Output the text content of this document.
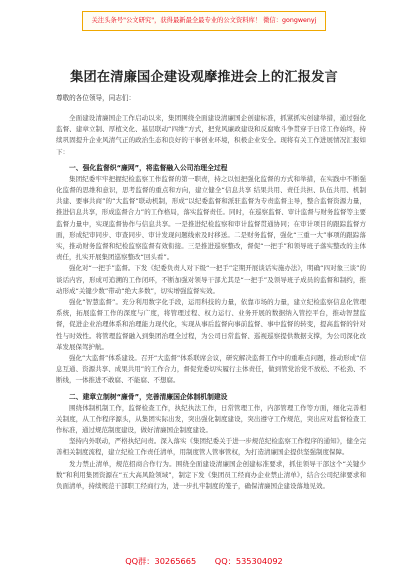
关注头条号"公文研究"，获得最新最全最专业的公文资料库！ 微信：gongwenyj
集团在清廉国企建设观摩推进会上的汇报发言
尊敬的各位领导，同志们：

全面建设清廉国企工作启动以来，集团围绕全面建设清廉国企创建标准，抓紧抓实创建举措，通过强化监督、建章立制、厚植文化、基层联动“四维”方式，把党风廉政建设和反腐败斗争贯穿于日常工作始终，持续巩固提升企业风清气正的政治生态和良好的干事创业环境，积极企业安全。现将有关工作进展情况汇报如下：

一、强化监督织“廉网”，将监督融入公司治理全过程

集团纪委牢牢把握纪检监察工作监督的第一职责，持之以恒把强化监督的方式和举措，在实践中不断强化监督的思维和意识，思考监督的重点和方向，建立健全“信息共享 结果共用、责任共担、队伍共用、机制共建、要事共商”的“大监督”联动机制，形成“以纪委监督和派驻监督为专责监督主导，整合监督资源力量，推进信息共享，形成监督合力”的工作格局，落实监督责任。同时，在巡察监督、审计监督与财务监督等主要监督力量中，实现监督协作与信息共享。一是推进纪检监察和审计监督贯通协同；在审计项目的跟踪监督方面，形成纪审同步、审查同步、审计发现问题线索及时移送。二是财务监督，强化“三重一大”事项的跟踪落实，推动财务监督和纪检监察监督有效衔接。三是推进巡察整改，督促“一把手”和领导班子落实整改的主体责任，扎实开展集团巡察整改“回头看”。

强化对“一把手”监督。下发《纪委负责人对下级“一把手”定期开展谈话实施办法》，明确“四对象三谈”的谈话内容，形成可追溯的工作闭环，不断加强对领导干部尤其是“一把手”及领导班子成员的监督和制约，推动形成“关键少数”带动“绝大多数”，切实增强监督实效。

强化“智慧监督”。充分利用数字化手段，运用科技的力量，依靠市场的力量，建立纪检监察信息化管理系统，拓展监督工作的深度与广度，将管理过程、权力运行、业务开展的数据纳入管控平台，推动智慧监督，促进企业治理体系和治理能力现代化，实现从事后监督向事前监督、事中监督的转变，提高监督的针对性与时效性。将管理监督融入到集团治理全过程，为公司日常监督、巡视巡察提供数据支撑，为公司深化改革发展保驾护航。

强化“大监督”体系建设。召开“大监督”体系联席会议，研究解决监督工作中的重难点问题，推动形成“信息互通、资源共享、成果共用”的工作合力，督促党委切实履行主体责任，做到管党治党不放松、不松劲、不断线，一体推进不敢腐、不能腐、不想腐。

二、建章立制树“廉骨”，完善清廉国企体制机制建设

围绕体制机制工作，监督检查工作，执纪执法工作，日常管理工作，内部管理工作等方面，细化完善相关制度，从工作程序源头，从集团实际出发，突出强化制度建设，突出遵守工作规范，突出应对监督检查工作标准，通过规范制度建设，做好清廉国企制度建设。

坚持内外联动，严格执纪问责。深入落实《集团纪委关于进一步规范纪检监察工作程序的通知》，健全完善相关制度流程，建立纪检工作责任清单，用制度管人管事管权，为打造清廉国企提供坚强制度保障。

发力禁止清单，规范招商合作行为。围绕全面建设清廉国企创建标准要求，抓住领导干部这个“关键少数”和利用集团资源在“五大高风险领域”，制定下发《集团员工经商办企业禁止清单》，结合公司纪律要求和负面清单，持续规范干部职工经商行为，进一步扎牢制度的笼子，确保清廉国企建设落地见效。

QQ群：30265665 QQ：535304092
